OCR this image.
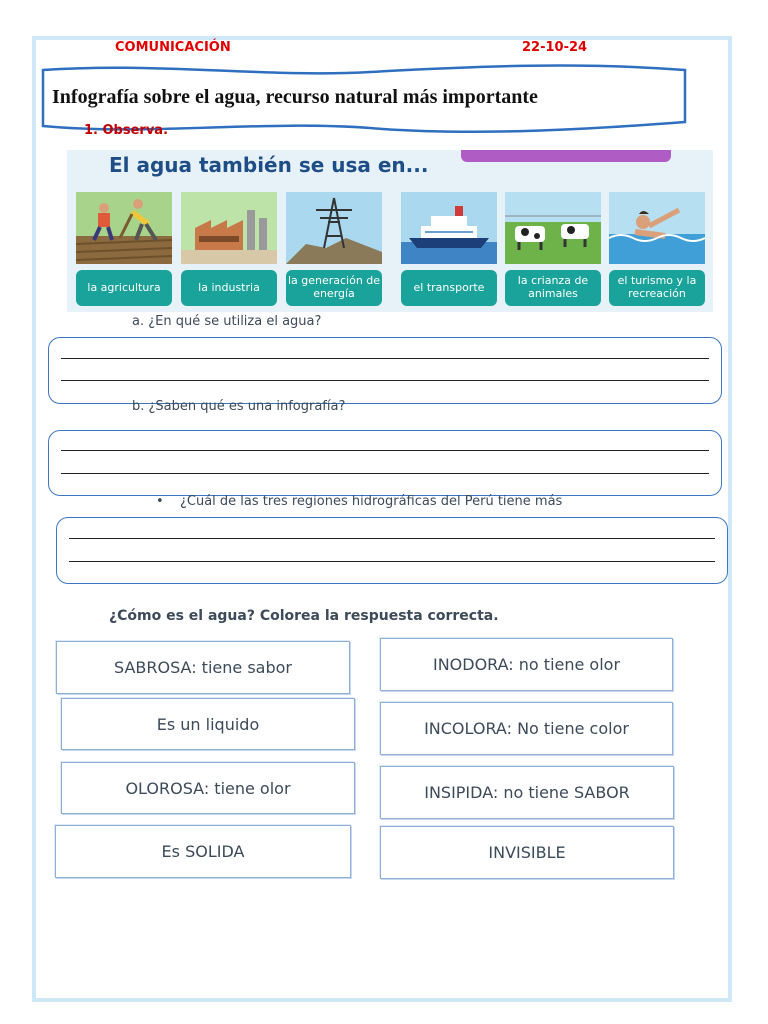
COMUNICACIÓN	22-10-24
Infografía sobre el agua, recurso natural más importante
1. Observa.
El agua también se usa en...
la agricultura	la industria	la generación de energía	el transporte	la crianza de animales
el turismo y la recreación
a. ¿En qué se utiliza el agua?
b. ¿Saben qué es una infografía?
• ¿Cuál de las tres regiones hidrográficas del Perú tiene más
¿Cómo es el agua? Colorea la respuesta correcta.
SABROSA: tiene sabor
Es un liquido
OLOROSA: tiene olor
Es SOLIDA
INODORA: no tiene olor
INCOLORA: No tiene color
INSIPIDA: no tiene SABOR
INVISIBLE
